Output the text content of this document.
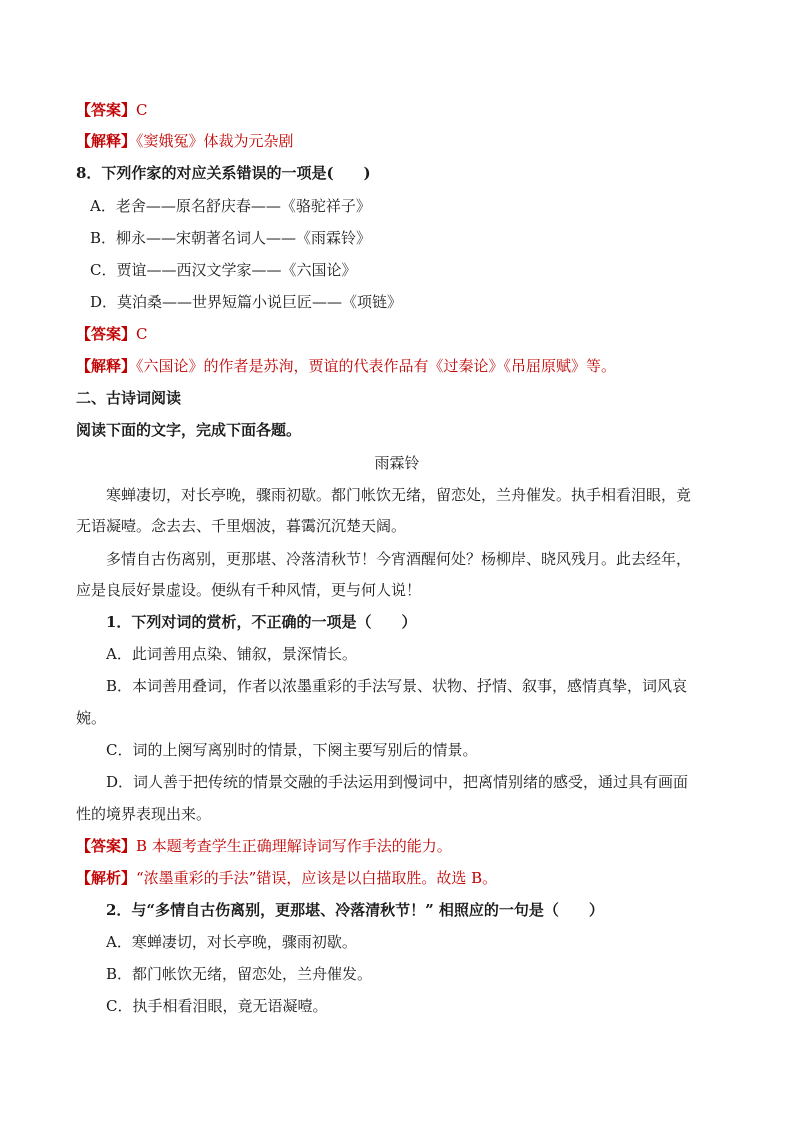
【答案】C
【解释】《窦娥冤》体裁为元杂剧
8．下列作家的对应关系错误的一项是(　　)
A．老舍——原名舒庆春——《骆驼祥子》
B．柳永——宋朝著名词人——《雨霖铃》
C．贾谊——西汉文学家——《六国论》
D．莫泊桑——世界短篇小说巨匠——《项链》
【答案】C
【解释】《六国论》的作者是苏洵，贾谊的代表作品有《过秦论》《吊屈原赋》等。
二、古诗词阅读
阅读下面的文字，完成下面各题。
雨霖铃
寒蝉凄切，对长亭晚，骤雨初歇。都门帐饮无绪，留恋处，兰舟催发。执手相看泪眼，竟
无语凝噎。念去去、千里烟波，暮霭沉沉楚天阔。
多情自古伤离别，更那堪、冷落清秋节！今宵酒醒何处？杨柳岸、晓风残月。此去经年，
应是良辰好景虚设。便纵有千种风情，更与何人说！
1．下列对词的赏析，不正确的一项是（　　）
A．此词善用点染、铺叙，景深情长。
B．本词善用叠词，作者以浓墨重彩的手法写景、状物、抒情、叙事，感情真挚，词风哀
婉。
C．词的上阕写离别时的情景，下阕主要写别后的情景。
D．词人善于把传统的情景交融的手法运用到慢词中，把离情别绪的感受，通过具有画面
性的境界表现出来。
【答案】B 本题考查学生正确理解诗词写作手法的能力。
【解析】“浓墨重彩的手法”错误，应该是以白描取胜。故选 B。
2．与“多情自古伤离别，更那堪、冷落清秋节！” 相照应的一句是（　　）
A．寒蝉凄切，对长亭晚，骤雨初歇。
B．都门帐饮无绪，留恋处，兰舟催发。
C．执手相看泪眼，竟无语凝噎。
